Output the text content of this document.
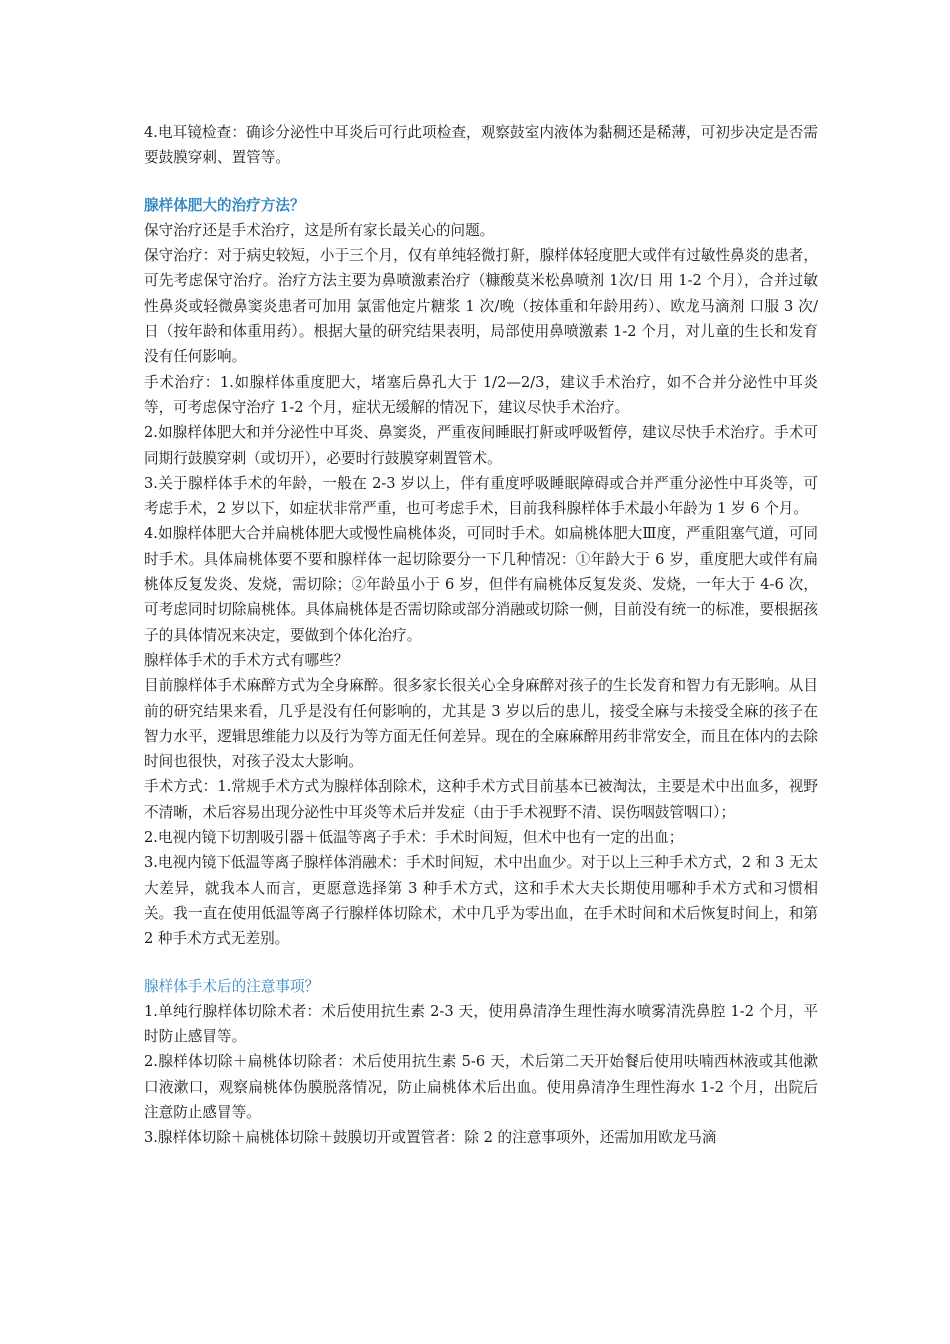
4.电耳镜检查：确诊分泌性中耳炎后可行此项检查，观察鼓室内液体为黏稠还是稀薄，可初步决定是否需要鼓膜穿刺、置管等。

腺样体肥大的治疗方法？

保守治疗还是手术治疗，这是所有家长最关心的问题。

保守治疗：对于病史较短，小于三个月，仅有单纯轻微打鼾，腺样体轻度肥大或伴有过敏性鼻炎的患者，可先考虑保守治疗。治疗方法主要为鼻喷激素治疗（糠酸莫米松鼻喷剂 1次/日 用 1-2 个月），合并过敏性鼻炎或轻微鼻窦炎患者可加用 氯雷他定片糖浆 1 次/晚（按体重和年龄用药）、欧龙马滴剂 口服 3 次/日（按年龄和体重用药）。根据大量的研究结果表明，局部使用鼻喷激素 1-2 个月，对儿童的生长和发育没有任何影响。

手术治疗：1.如腺样体重度肥大，堵塞后鼻孔大于 1/2—2/3，建议手术治疗，如不合并分泌性中耳炎等，可考虑保守治疗 1-2 个月，症状无缓解的情况下，建议尽快手术治疗。

2.如腺样体肥大和并分泌性中耳炎、鼻窦炎，严重夜间睡眠打鼾或呼吸暂停，建议尽快手术治疗。手术可同期行鼓膜穿刺（或切开），必要时行鼓膜穿刺置管术。

3.关于腺样体手术的年龄，一般在 2-3 岁以上，伴有重度呼吸睡眠障碍或合并严重分泌性中耳炎等，可考虑手术，2 岁以下，如症状非常严重，也可考虑手术，目前我科腺样体手术最小年龄为 1 岁 6 个月。

4.如腺样体肥大合并扁桃体肥大或慢性扁桃体炎，可同时手术。如扁桃体肥大Ⅲ度，严重阻塞气道，可同时手术。具体扁桃体要不要和腺样体一起切除要分一下几种情况：①年龄大于 6 岁，重度肥大或伴有扁桃体反复发炎、发烧，需切除；②年龄虽小于 6 岁，但伴有扁桃体反复发炎、发烧，一年大于 4-6 次，可考虑同时切除扁桃体。具体扁桃体是否需切除或部分消融或切除一侧，目前没有统一的标准，要根据孩子的具体情况来决定，要做到个体化治疗。

腺样体手术的手术方式有哪些？

目前腺样体手术麻醉方式为全身麻醉。很多家长很关心全身麻醉对孩子的生长发育和智力有无影响。从目前的研究结果来看，几乎是没有任何影响的，尤其是 3 岁以后的患儿，接受全麻与未接受全麻的孩子在智力水平，逻辑思维能力以及行为等方面无任何差异。现在的全麻麻醉用药非常安全，而且在体内的去除时间也很快，对孩子没太大影响。

手术方式：1.常规手术方式为腺样体刮除术，这种手术方式目前基本已被淘汰，主要是术中出血多，视野不清晰，术后容易出现分泌性中耳炎等术后并发症（由于手术视野不清、误伤咽鼓管咽口）；

2.电视内镜下切割吸引器＋低温等离子手术：手术时间短，但术中也有一定的出血；

3.电视内镜下低温等离子腺样体消融术：手术时间短，术中出血少。对于以上三种手术方式，2 和 3 无太大差异，就我本人而言，更愿意选择第 3 种手术方式，这和手术大夫长期使用哪种手术方式和习惯相关。我一直在使用低温等离子行腺样体切除术，术中几乎为零出血，在手术时间和术后恢复时间上，和第 2 种手术方式无差别。

腺样体手术后的注意事项？

1.单纯行腺样体切除术者：术后使用抗生素 2-3 天，使用鼻清净生理性海水喷雾清洗鼻腔 1-2 个月，平时防止感冒等。

2.腺样体切除＋扁桃体切除者：术后使用抗生素 5-6 天，术后第二天开始餐后使用呋喃西林液或其他漱口液漱口，观察扁桃体伪膜脱落情况，防止扁桃体术后出血。使用鼻清净生理性海水 1-2 个月，出院后注意防止感冒等。

3.腺样体切除＋扁桃体切除＋鼓膜切开或置管者：除 2 的注意事项外，还需加用欧龙马滴
